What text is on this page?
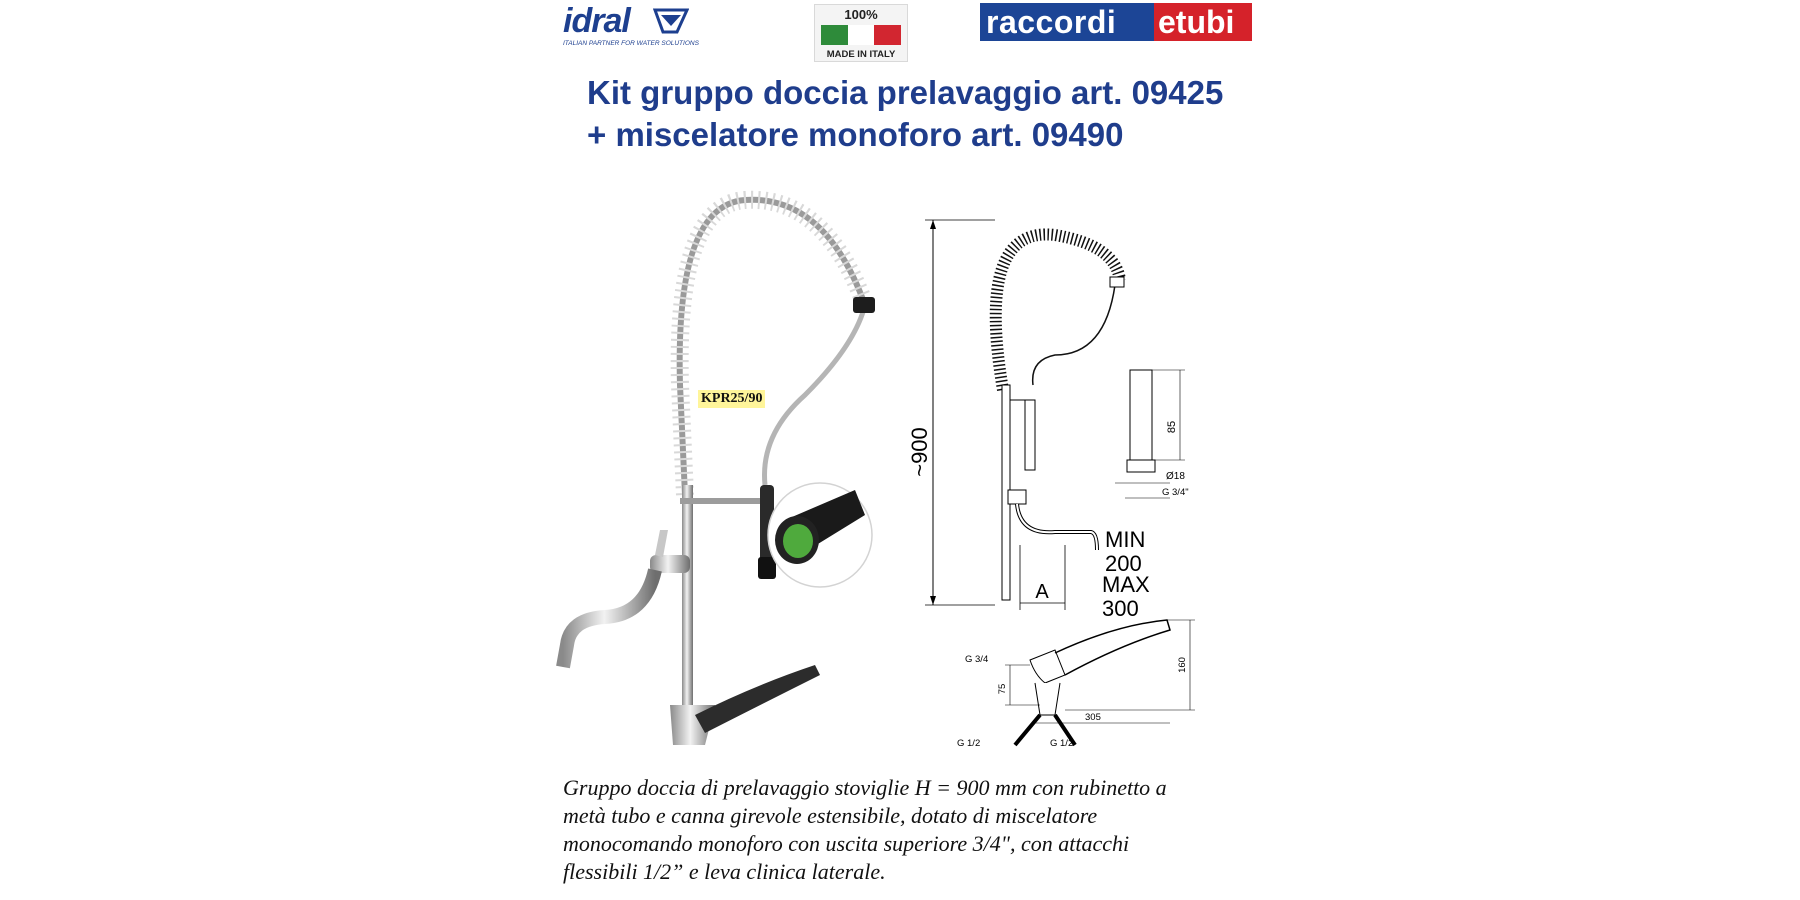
idral
ITALIAN PARTNER FOR WATER SOLUTIONS
100%
MADE IN ITALY
raccordi	etubi
Kit gruppo doccia prelavaggio art. 09425
+ miscelatore monoforo art. 09490
KPR25/90
~900
A
MIN
200
MAX
300
85
Ø18
G 3/4"
G 3/4
75
160
305
G 1/2	G 1/2
Gruppo doccia di prelavaggio stoviglie H = 900 mm con rubinetto a
metà tubo e canna girevole estensibile, dotato di miscelatore
monocomando monoforo con uscita superiore 3/4", con attacchi
flessibili 1/2” e leva clinica laterale.
